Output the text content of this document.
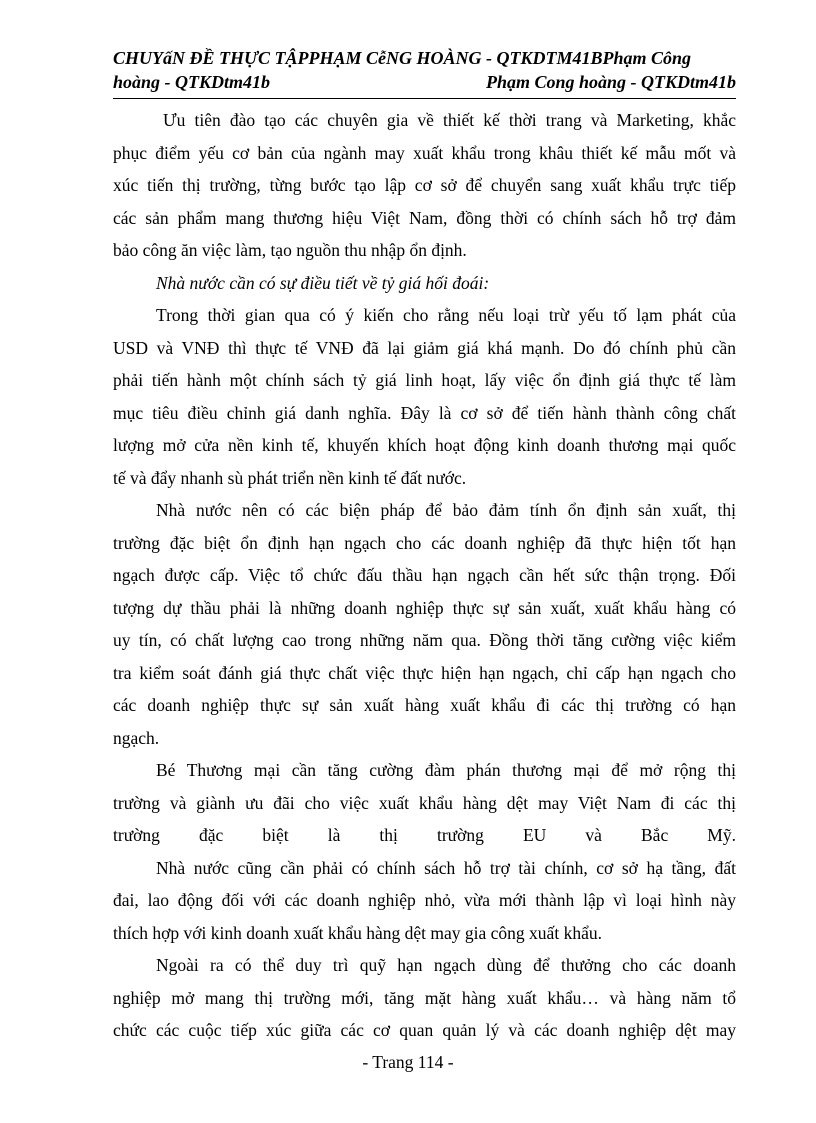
CHUYấN ĐỀ THỰC TẬPPHẠM CễNG HOÀNG - QTKDTM41BPhạm Công
hoàng - QTKDtm41b	Phạm Cong hoàng - QTKDtm41b
Ưu tiên đào tạo các chuyên gia về thiết kế thời trang và Marketing, khắc
phục điểm yếu cơ bản của ngành may xuất khẩu trong khâu thiết kế mẫu mốt và
xúc tiến thị trường, từng bước tạo lập cơ sở để chuyển sang xuất khẩu trực tiếp
các sản phẩm mang thương hiệu Việt Nam, đồng thời có chính sách hỗ trợ đảm
bảo công ăn việc làm, tạo nguồn thu nhập ổn định.
Nhà nước cần có sự điều tiết về tỷ giá hối đoái:
Trong thời gian qua có ý kiến cho rằng nếu loại trừ yếu tố lạm phát của
USD và VNĐ thì thực tế VNĐ đã lại giảm giá khá mạnh. Do đó chính phủ cần
phải tiến hành một chính sách tỷ giá linh hoạt, lấy việc ổn định giá thực tế làm
mục tiêu điều chỉnh giá danh nghĩa. Đây là cơ sở để tiến hành thành công chất
lượng mở cửa nền kinh tế, khuyến khích hoạt động kinh doanh thương mại quốc
tế và đẩy nhanh sù phát triển nền kinh tế đất nước.
Nhà nước nên có các biện pháp để bảo đảm tính ổn định sản xuất, thị
trường đặc biệt ổn định hạn ngạch cho các doanh nghiệp đã thực hiện tốt hạn
ngạch được cấp. Việc tổ chức đấu thầu hạn ngạch cần hết sức thận trọng. Đối
tượng dự thầu phải là những doanh nghiệp thực sự sản xuất, xuất khẩu hàng có
uy tín, có chất lượng cao trong những năm qua. Đồng thời tăng cường việc kiểm
tra kiểm soát đánh giá thực chất việc thực hiện hạn ngạch, chỉ cấp hạn ngạch cho
các doanh nghiệp thực sự sản xuất hàng xuất khẩu đi các thị trường có hạn
ngạch.
Bé Thương mại cần tăng cường đàm phán thương mại để mở rộng thị
trường và giành ưu đãi cho việc xuất khẩu hàng dệt may Việt Nam đi các thị
trường đặc biệt là thị trường EU và Bắc Mỹ.
Nhà nước cũng cần phải có chính sách hỗ trợ tài chính, cơ sở hạ tầng, đất
đai, lao động đối với các doanh nghiệp nhỏ, vừa mới thành lập vì loại hình này
thích hợp với kinh doanh xuất khẩu hàng dệt may gia công xuất khẩu.
Ngoài ra có thể duy trì quỹ hạn ngạch dùng để thưởng cho các doanh
nghiệp mở mang thị trường mới, tăng mặt hàng xuất khẩu… và hàng năm tổ
chức các cuộc tiếp xúc giữa các cơ quan quản lý và các doanh nghiệp dệt may
- Trang 114 -
